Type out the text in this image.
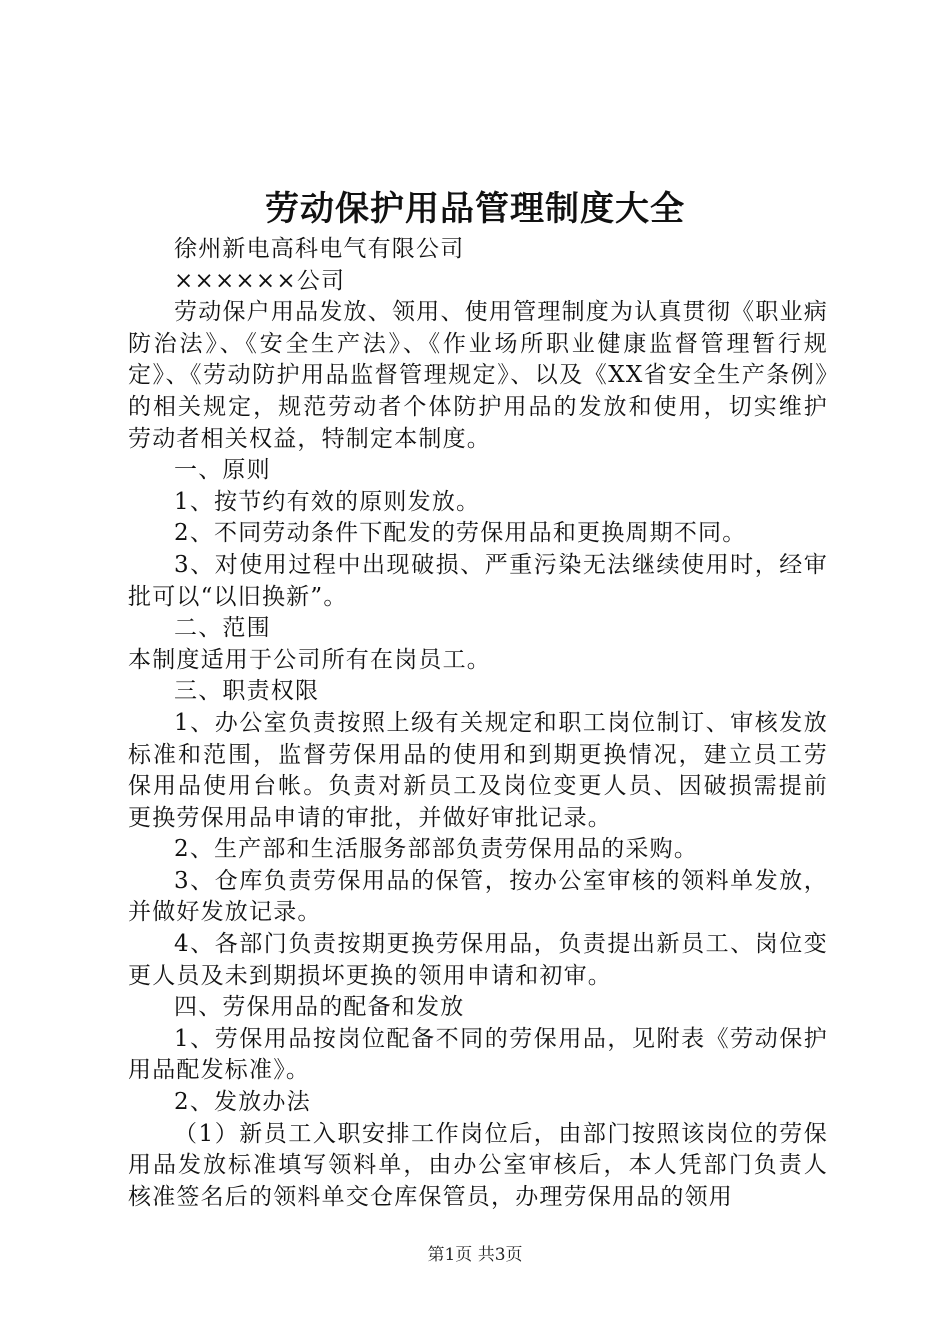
劳动保护用品管理制度大全

徐州新电高科电气有限公司

××××××公司

劳动保户用品发放、领用、使用管理制度为认真贯彻《职业病防治法》、《安全生产法》、《作业场所职业健康监督管理暂行规定》、《劳动防护用品监督管理规定》、以及《XX省安全生产条例》的相关规定，规范劳动者个体防护用品的发放和使用，切实维护劳动者相关权益，特制定本制度。

一、原则

1、按节约有效的原则发放。

2、不同劳动条件下配发的劳保用品和更换周期不同。

3、对使用过程中出现破损、严重污染无法继续使用时，经审批可以“以旧换新”。

二、范围

本制度适用于公司所有在岗员工。

三、职责权限

1、办公室负责按照上级有关规定和职工岗位制订、审核发放标准和范围，监督劳保用品的使用和到期更换情况，建立员工劳保用品使用台帐。负责对新员工及岗位变更人员、因破损需提前更换劳保用品申请的审批，并做好审批记录。

2、生产部和生活服务部部负责劳保用品的采购。

3、仓库负责劳保用品的保管，按办公室审核的领料单发放，并做好发放记录。

4、各部门负责按期更换劳保用品，负责提出新员工、岗位变更人员及未到期损坏更换的领用申请和初审。

四、劳保用品的配备和发放

1、劳保用品按岗位配备不同的劳保用品，见附表《劳动保护用品配发标准》。

2、发放办法

（1）新员工入职安排工作岗位后，由部门按照该岗位的劳保用品发放标准填写领料单，由办公室审核后，本人凭部门负责人核准签名后的领料单交仓库保管员，办理劳保用品的领用

第1页 共3页
